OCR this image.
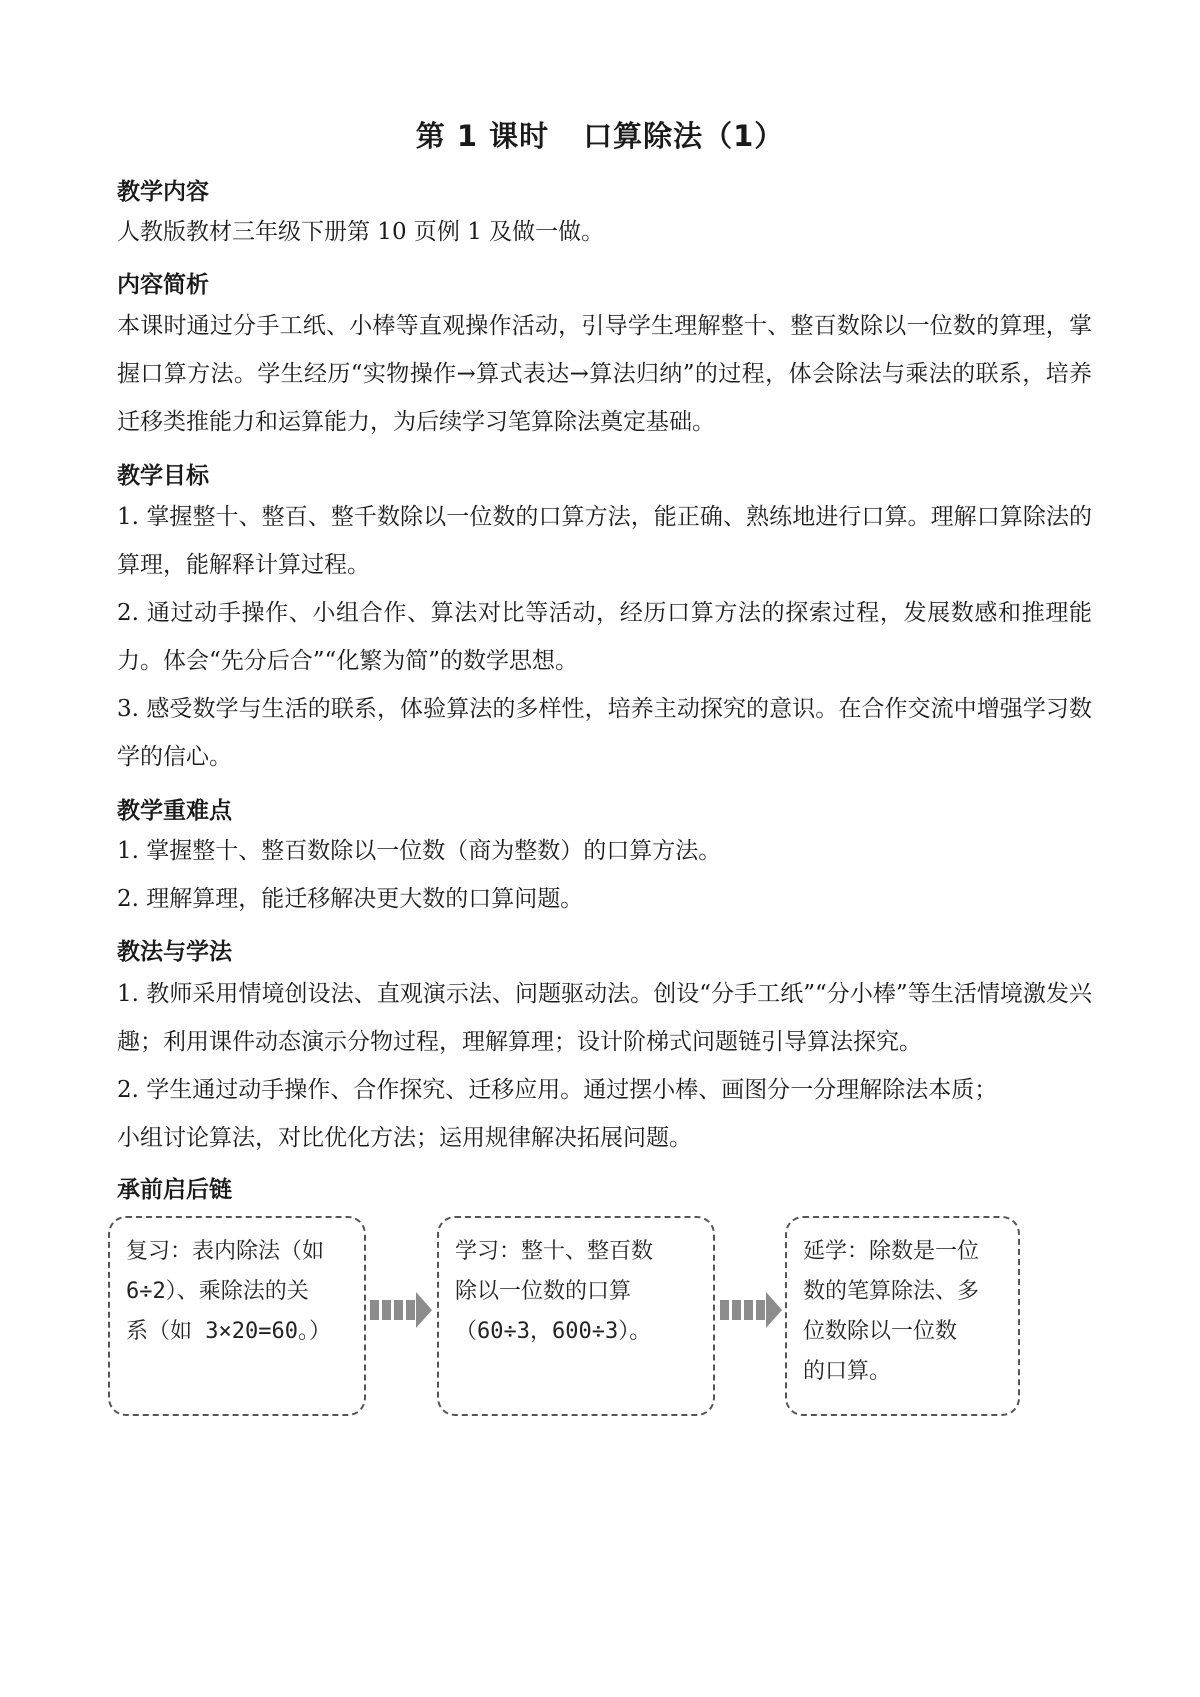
第 1 课时 口算除法（1）
教学内容

人教版教材三年级下册第 10 页例 1 及做一做。

内容简析

本课时通过分手工纸、小棒等直观操作活动，引导学生理解整十、整百数除以一位数的算理，掌握口算方法。学生经历“实物操作→算式表达→算法归纳”的过程，体会除法与乘法的联系，培养迁移类推能力和运算能力，为后续学习笔算除法奠定基础。

教学目标

1. 掌握整十、整百、整千数除以一位数的口算方法，能正确、熟练地进行口算。理解口算除法的算理，能解释计算过程。

2. 通过动手操作、小组合作、算法对比等活动，经历口算方法的探索过程，发展数感和推理能力。体会“先分后合”“化繁为简”的数学思想。

3. 感受数学与生活的联系，体验算法的多样性，培养主动探究的意识。在合作交流中增强学习数学的信心。

教学重难点

1. 掌握整十、整百数除以一位数（商为整数）的口算方法。

2. 理解算理，能迁移解决更大数的口算问题。

教法与学法

1. 教师采用情境创设法、直观演示法、问题驱动法。创设“分手工纸”“分小棒”等生活情境激发兴趣；利用课件动态演示分物过程，理解算理；设计阶梯式问题链引导算法探究。

2. 学生通过动手操作、合作探究、迁移应用。通过摆小棒、画图分一分理解除法本质；

小组讨论算法，对比优化方法；运用规律解决拓展问题。

承前启后链
复习：表内除法（如
6÷2）、乘除法的关
系（如 3×20=60。）
学习：整十、整百数
除以一位数的口算
（60÷3，600÷3）。
延学：除数是一位
数的笔算除法、多
位数除以一位数
的口算。
